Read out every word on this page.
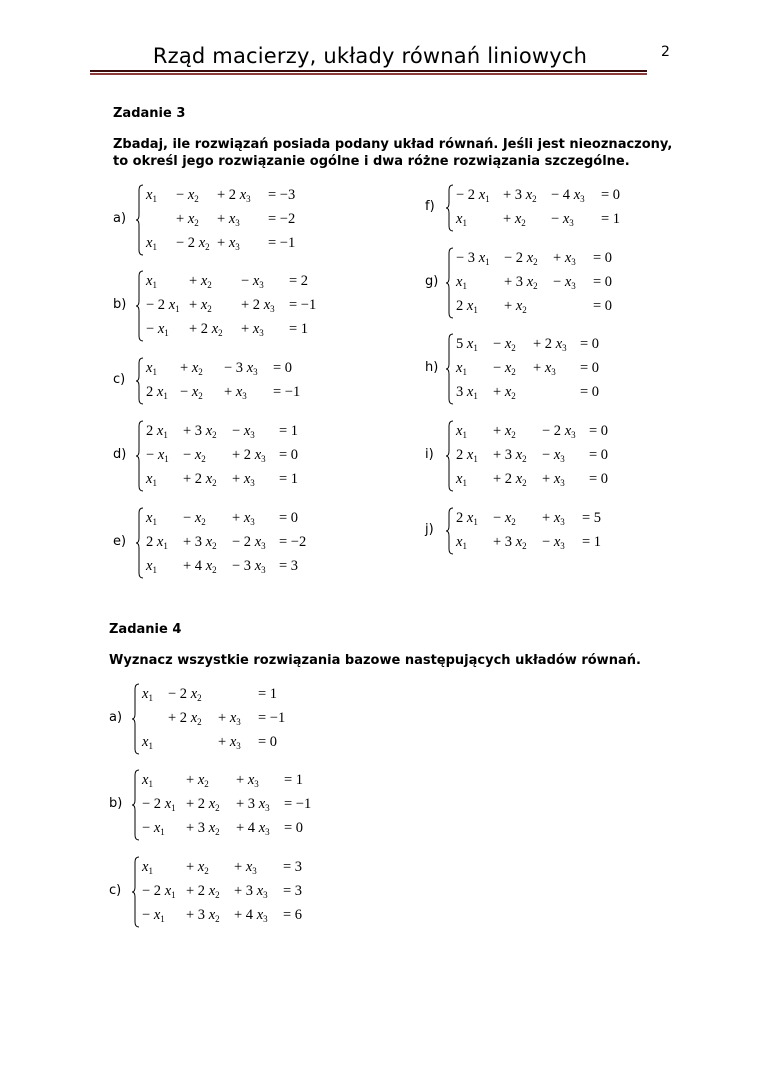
Rząd macierzy, układy równań liniowych	2
Zadanie 3
Zbadaj, ile rozwiązań posiada podany układ równań. Jeśli jest nieoznaczony,
to określ jego rozwiązanie ogólne i dwa różne rozwiązania szczególne.
a)
$x_1 - x_2 + 2$ $x_3 = -3$
+ $x_2 + x_3 = -2$
$x_1 - 2$ $x_2 + x_3 = -1$
b)
$x_1 + x_2 - x_3 = 2$
− 2 $x_1 + x_2 + 2$ $x_3 = -1$
− $x_1 + 2$ $x_2 + x_3 = 1$
c)
$x_1 + x_2 - 3$ $x_3 = 0$
2 $x_1 - x_2 + x_3 = -1$
d)
2 $x_1 + 3$ $x_2 - x_3 = 1$
− $x_1 - x_2 + 2$ $x_3 = 0$
$x_1 + 2$ $x_2 + x_3 = 1$
e)
$x_1 - x_2 + x_3 = 0$
2 $x_1 + 3$ $x_2 - 2$ $x_3 = -2$
$x_1 + 4$ $x_2 - 3$ $x_3 = 3$
f)
− 2 $x_1 + 3$ $x_2 - 4$ $x_3 = 0$
$x_1 + x_2 - x_3 = 1$
g)
− 3 $x_1 - 2$ $x_2 + x_3 = 0$
$x_1$	+ 3 $x_2 - x_3 = 0$
2 $x_1 + x_2$	= 0
h)
5 $x_1 - x_2 + 2$ $x_3 = 0$
$x_1 - x_2 + x_3 = 0$
3 $x_1 + x_2$	= 0
i)
$x_1 + x_2 - 2$ $x_3 = 0$
2 $x_1 + 3$ $x_2 - x_3 = 0$
$x_1 + 2$ $x_2 + x_3 = 0$
j)
2 $x_1 - x_2 + x_3 = 5$
$x_1 + 3$ $x_2 - x_3 = 1$
Zadanie 4
Wyznacz wszystkie rozwiązania bazowe następujących układów równań.
a)
$x_1 - 2$ $x_2$	= 1
+ 2 $x_2 + x_3 = -1$
$x_1$	+ $x_3 = 0$
b)
$x_1 + x_2 + x_3 = 1$
− 2 $x_1 + 2$ $x_2 + 3$ $x_3 = -1$
− $x_1 + 3$ $x_2 + 4$ $x_3 = 0$
c)
$x_1 + x_2 + x_3 = 3$
− 2 $x_1 + 2$ $x_2 + 3$ $x_3 = 3$
− $x_1 + 3$ $x_2 + 4$ $x_3 = 6$
